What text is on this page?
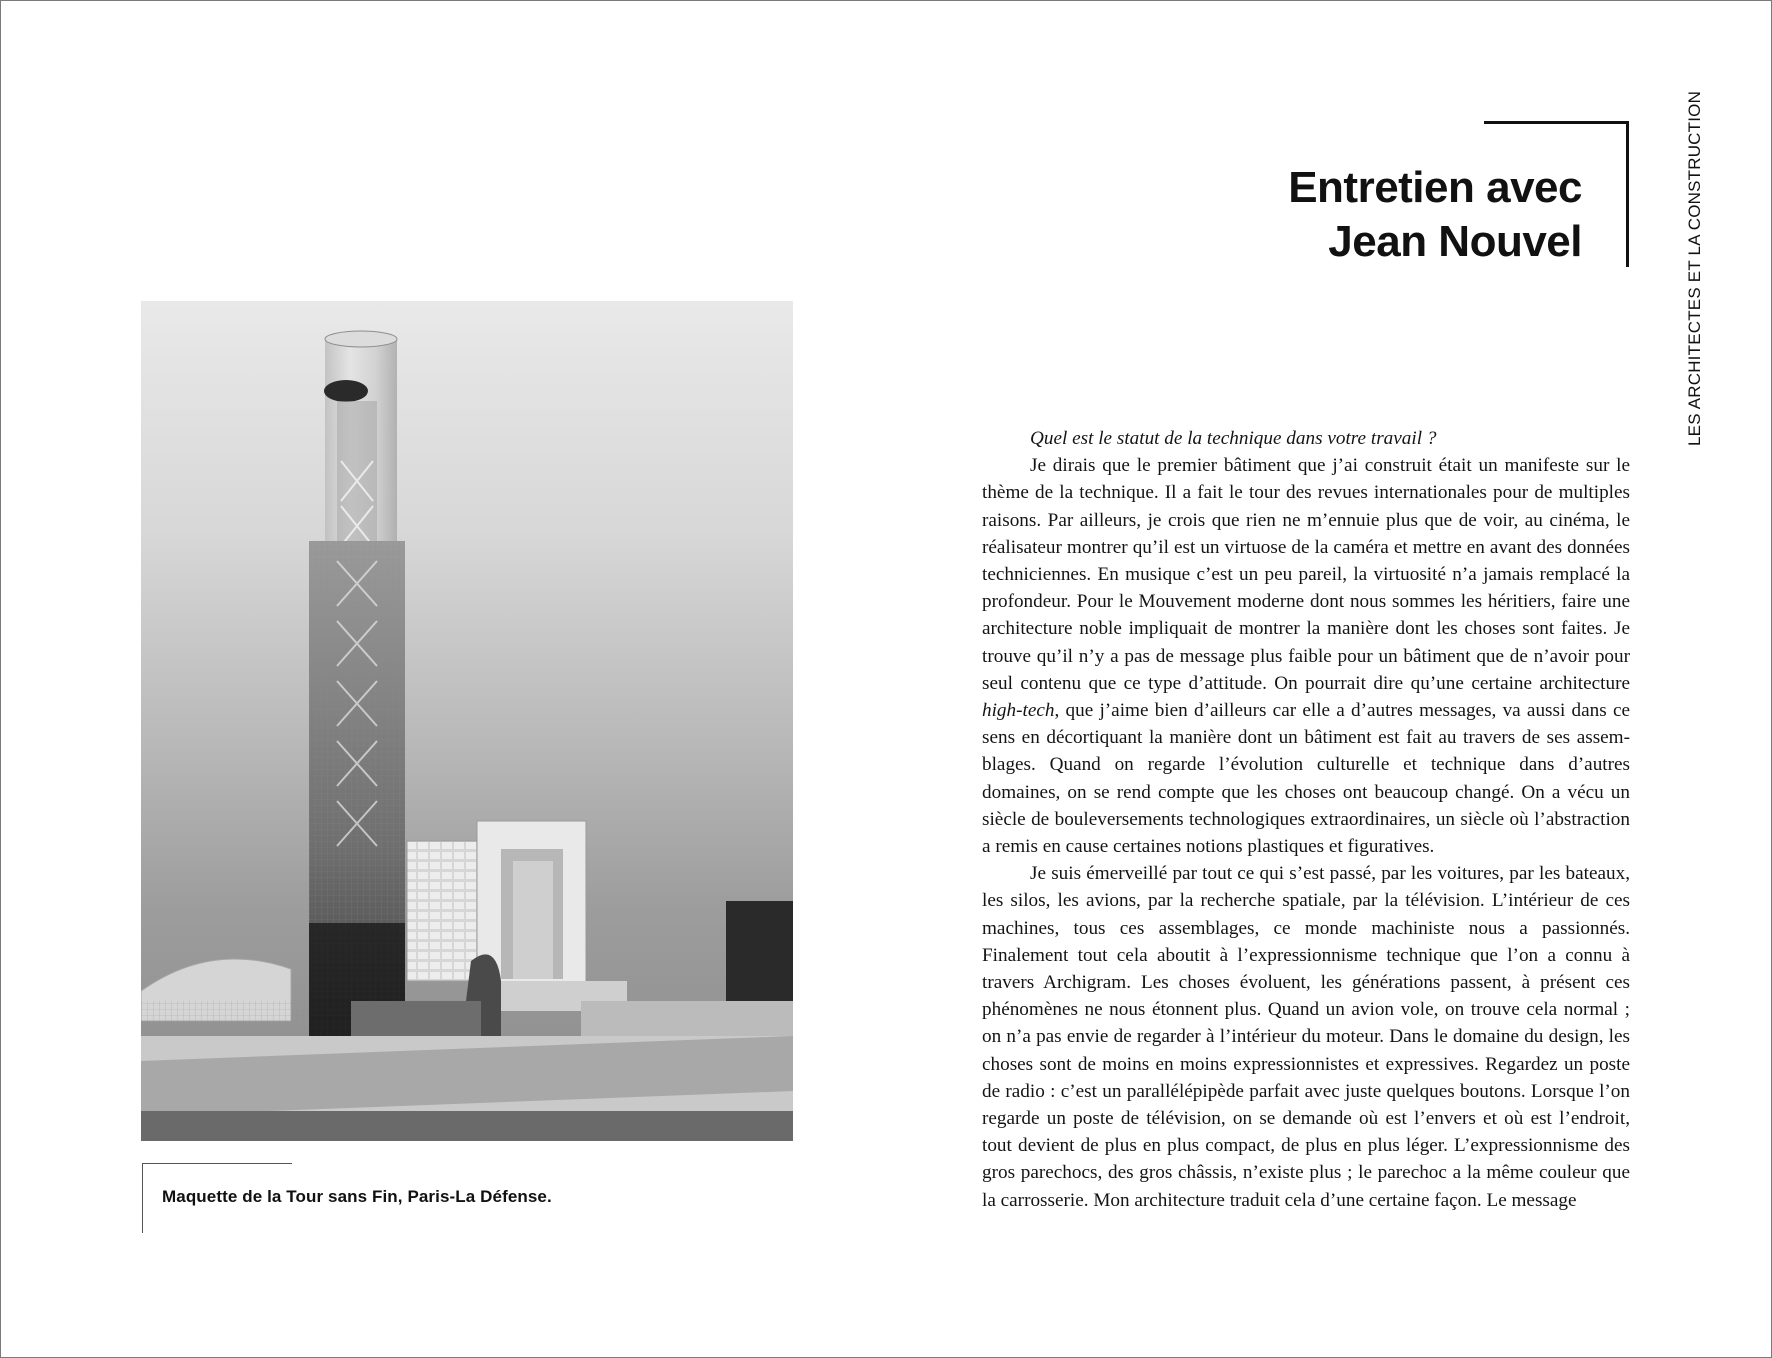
Maquette de la Tour sans Fin, Paris-La Défense.
Entretien avec
Jean Nouvel	LES ARCHITECTES ET LA CONSTRUCTION

Quel est le statut de la technique dans votre travail ?

Je dirais que le premier bâtiment que j’ai construit était un manifeste sur le thème de la technique. Il a fait le tour des revues internationales pour de multiples raisons. Par ailleurs, je crois que rien ne m’ennuie plus que de voir, au cinéma, le réalisateur montrer qu’il est un virtuose de la caméra et mettre en avant des données techniciennes. En musique c’est un peu pareil, la virtuosité n’a jamais remplacé la profondeur. Pour le Mouvement moderne dont nous sommes les héritiers, faire une architecture noble impliquait de montrer la manière dont les choses sont faites. Je trouve qu’il n’y a pas de message plus faible pour un bâtiment que de n’avoir pour seul contenu que ce type d’attitude. On pourrait dire qu’une certaine architecture high-tech, que j’aime bien d’ailleurs car elle a d’autres messages, va aussi dans ce sens en décortiquant la manière dont un bâtiment est fait au travers de ses assemblages. Quand on regarde l’évolution culturelle et technique dans d’autres domaines, on se rend compte que les choses ont beaucoup changé. On a vécu un siècle de bouleversements technologiques extraordinaires, un siècle où l’abstraction a remis en cause certaines notions plastiques et figuratives.

Je suis émerveillé par tout ce qui s’est passé, par les voitures, par les bateaux, les silos, les avions, par la recherche spatiale, par la télévision. L’intérieur de ces machines, tous ces assemblages, ce monde machiniste nous a passionnés. Finalement tout cela aboutit à l’expressionnisme technique que l’on a connu à travers Archigram. Les choses évoluent, les générations passent, à présent ces phénomènes ne nous étonnent plus. Quand un avion vole, on trouve cela normal ; on n’a pas envie de regarder à l’intérieur du moteur. Dans le domaine du design, les choses sont de moins en moins expressionnistes et expressives. Regardez un poste de radio : c’est un parallélépipède parfait avec juste quelques boutons. Lorsque l’on regarde un poste de télévision, on se demande où est l’envers et où est l’endroit, tout devient de plus en plus compact, de plus en plus léger. L’expressionnisme des gros parechocs, des gros châssis, n’existe plus ; le parechoc a la même couleur que la carrosserie. Mon architecture traduit cela d’une certaine façon. Le message
